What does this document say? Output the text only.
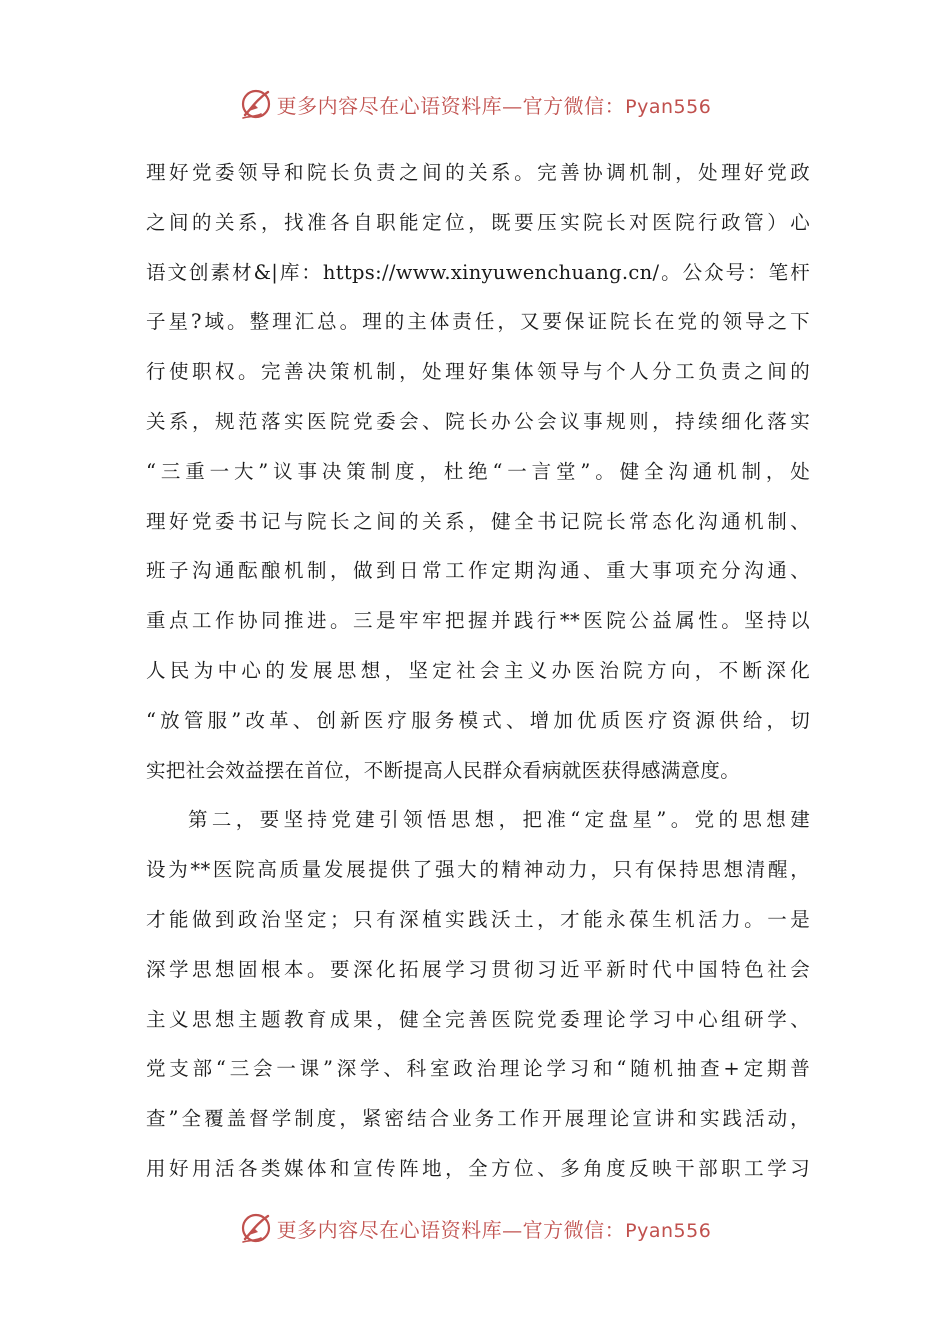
更多内容尽在心语资料库—官方微信：Pyan556
理好党委领导和院长负责之间的关系。完善协调机制，处理好党政
之间的关系，找准各自职能定位，既要压实院长对医院行政管）心
语文创素材&|库：https://www.xinyuwenchuang.cn/。公众号：笔杆
子星?域。整理汇总。理的主体责任，又要保证院长在党的领导之下
行使职权。完善决策机制，处理好集体领导与个人分工负责之间的
关系，规范落实医院党委会、院长办公会议事规则，持续细化落实
“三重一大”议事决策制度，杜绝“一言堂”。健全沟通机制，处
理好党委书记与院长之间的关系，健全书记院长常态化沟通机制、
班子沟通酝酿机制，做到日常工作定期沟通、重大事项充分沟通、
重点工作协同推进。三是牢牢把握并践行**医院公益属性。坚持以
人民为中心的发展思想，坚定社会主义办医治院方向，不断深化
“放管服”改革、创新医疗服务模式、增加优质医疗资源供给，切
实把社会效益摆在首位，不断提高人民群众看病就医获得感满意度。
第二，要坚持党建引领悟思想，把准“定盘星”。党的思想建
设为**医院高质量发展提供了强大的精神动力，只有保持思想清醒，
才能做到政治坚定；只有深植实践沃土，才能永葆生机活力。一是
深学思想固根本。要深化拓展学习贯彻习近平新时代中国特色社会
主义思想主题教育成果，健全完善医院党委理论学习中心组研学、
党支部“三会一课”深学、科室政治理论学习和“随机抽查+定期普
查”全覆盖督学制度，紧密结合业务工作开展理论宣讲和实践活动，
用好用活各类媒体和宣传阵地，全方位、多角度反映干部职工学习
更多内容尽在心语资料库—官方微信：Pyan556
